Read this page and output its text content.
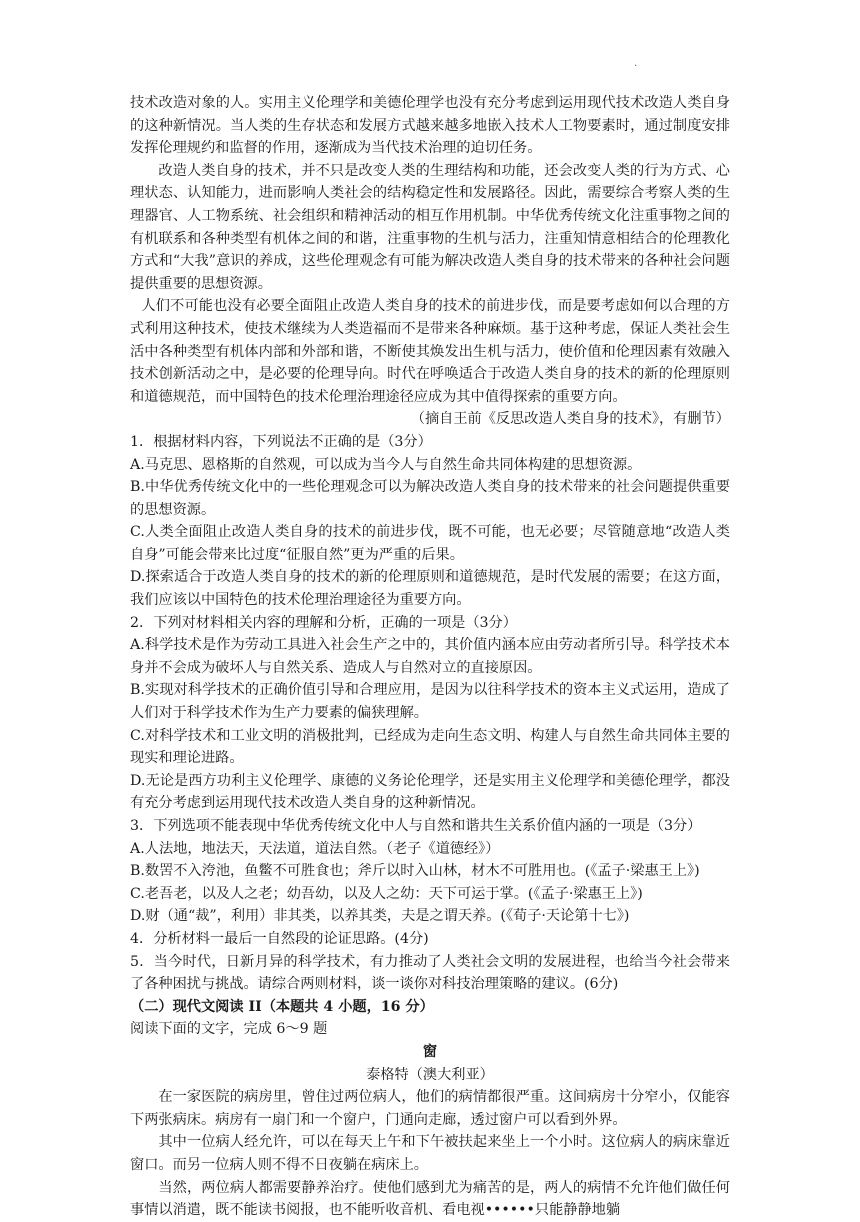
.

技术改造对象的人。实用主义伦理学和美德伦理学也没有充分考虑到运用现代技术改造人类自身的这种新情况。当人类的生存状态和发展方式越来越多地嵌入技术人工物要素时，通过制度安排发挥伦理规约和监督的作用，逐渐成为当代技术治理的迫切任务。

改造人类自身的技术，并不只是改变人类的生理结构和功能，还会改变人类的行为方式、心理状态、认知能力，进而影响人类社会的结构稳定性和发展路径。因此，需要综合考察人类的生理器官、人工物系统、社会组织和精神活动的相互作用机制。中华优秀传统文化注重事物之间的有机联系和各种类型有机体之间的和谐，注重事物的生机与活力，注重知情意相结合的伦理教化方式和“大我”意识的养成，这些伦理观念有可能为解决改造人类自身的技术带来的各种社会问题提供重要的思想资源。

人们不可能也没有必要全面阻止改造人类自身的技术的前进步伐，而是要考虑如何以合理的方式利用这种技术，使技术继续为人类造福而不是带来各种麻烦。基于这种考虑，保证人类社会生活中各种类型有机体内部和外部和谐，不断使其焕发出生机与活力，使价值和伦理因素有效融入技术创新活动之中，是必要的伦理导向。时代在呼唤适合于改造人类自身的技术的新的伦理原则和道德规范，而中国特色的技术伦理治理途径应成为其中值得探索的重要方向。

（摘自王前《反思改造人类自身的技术》，有删节）

1．根据材料内容，下列说法不正确的是（3分）

A.马克思、恩格斯的自然观，可以成为当今人与自然生命共同体构建的思想资源。

B.中华优秀传统文化中的一些伦理观念可以为解决改造人类自身的技术带来的社会问题提供重要的思想资源。

C.人类全面阻止改造人类自身的技术的前进步伐，既不可能，也无必要；尽管随意地“改造人类自身”可能会带来比过度“征服自然”更为严重的后果。

D.探索适合于改造人类自身的技术的新的伦理原则和道德规范，是时代发展的需要；在这方面，我们应该以中国特色的技术伦理治理途径为重要方向。

2．下列对材料相关内容的理解和分析，正确的一项是（3分）

A.科学技术是作为劳动工具进入社会生产之中的，其价值内涵本应由劳动者所引导。科学技术本身并不会成为破坏人与自然关系、造成人与自然对立的直接原因。

B.实现对科学技术的正确价值引导和合理应用，是因为以往科学技术的资本主义式运用，造成了人们对于科学技术作为生产力要素的偏狭理解。

C.对科学技术和工业文明的消极批判，已经成为走向生态文明、构建人与自然生命共同体主要的现实和理论进路。

D.无论是西方功利主义伦理学、康德的义务论伦理学，还是实用主义伦理学和美德伦理学，都没有充分考虑到运用现代技术改造人类自身的这种新情况。

3．下列选项不能表现中华优秀传统文化中人与自然和谐共生关系价值内涵的一项是（3分）

A.人法地，地法天，天法道，道法自然。（老子《道德经》）

B.数罟不入洿池，鱼鳖不可胜食也；斧斤以时入山林，材木不可胜用也。(《孟子·梁惠王上》)

C.老吾老，以及人之老；幼吾幼，以及人之幼：天下可运于掌。(《孟子·梁惠王上》)

D.财（通“裁”，利用）非其类，以养其类，夫是之谓天养。(《荀子·天论第十七》)

4．分析材料一最后一自然段的论证思路。(4分)

5．当今时代，日新月异的科学技术，有力推动了人类社会文明的发展进程，也给当今社会带来了各种困扰与挑战。请综合两则材料，谈一谈你对科技治理策略的建议。(6分)

（二）现代文阅读 II（本题共 4 小题，16 分）

阅读下面的文字，完成 6～9 题

窗

泰格特（澳大利亚）

在一家医院的病房里，曾住过两位病人，他们的病情都很严重。这间病房十分窄小，仅能容下两张病床。病房有一扇门和一个窗户，门通向走廊，透过窗户可以看到外界。

其中一位病人经允许，可以在每天上午和下午被扶起来坐上一个小时。这位病人的病床靠近窗口。而另一位病人则不得不日夜躺在病床上。

当然，两位病人都需要静养治疗。使他们感到尤为痛苦的是，两人的病情不允许他们做任何事情以消遣，既不能读书阅报，也不能听收音机、看电视••••••只能静静地躺
